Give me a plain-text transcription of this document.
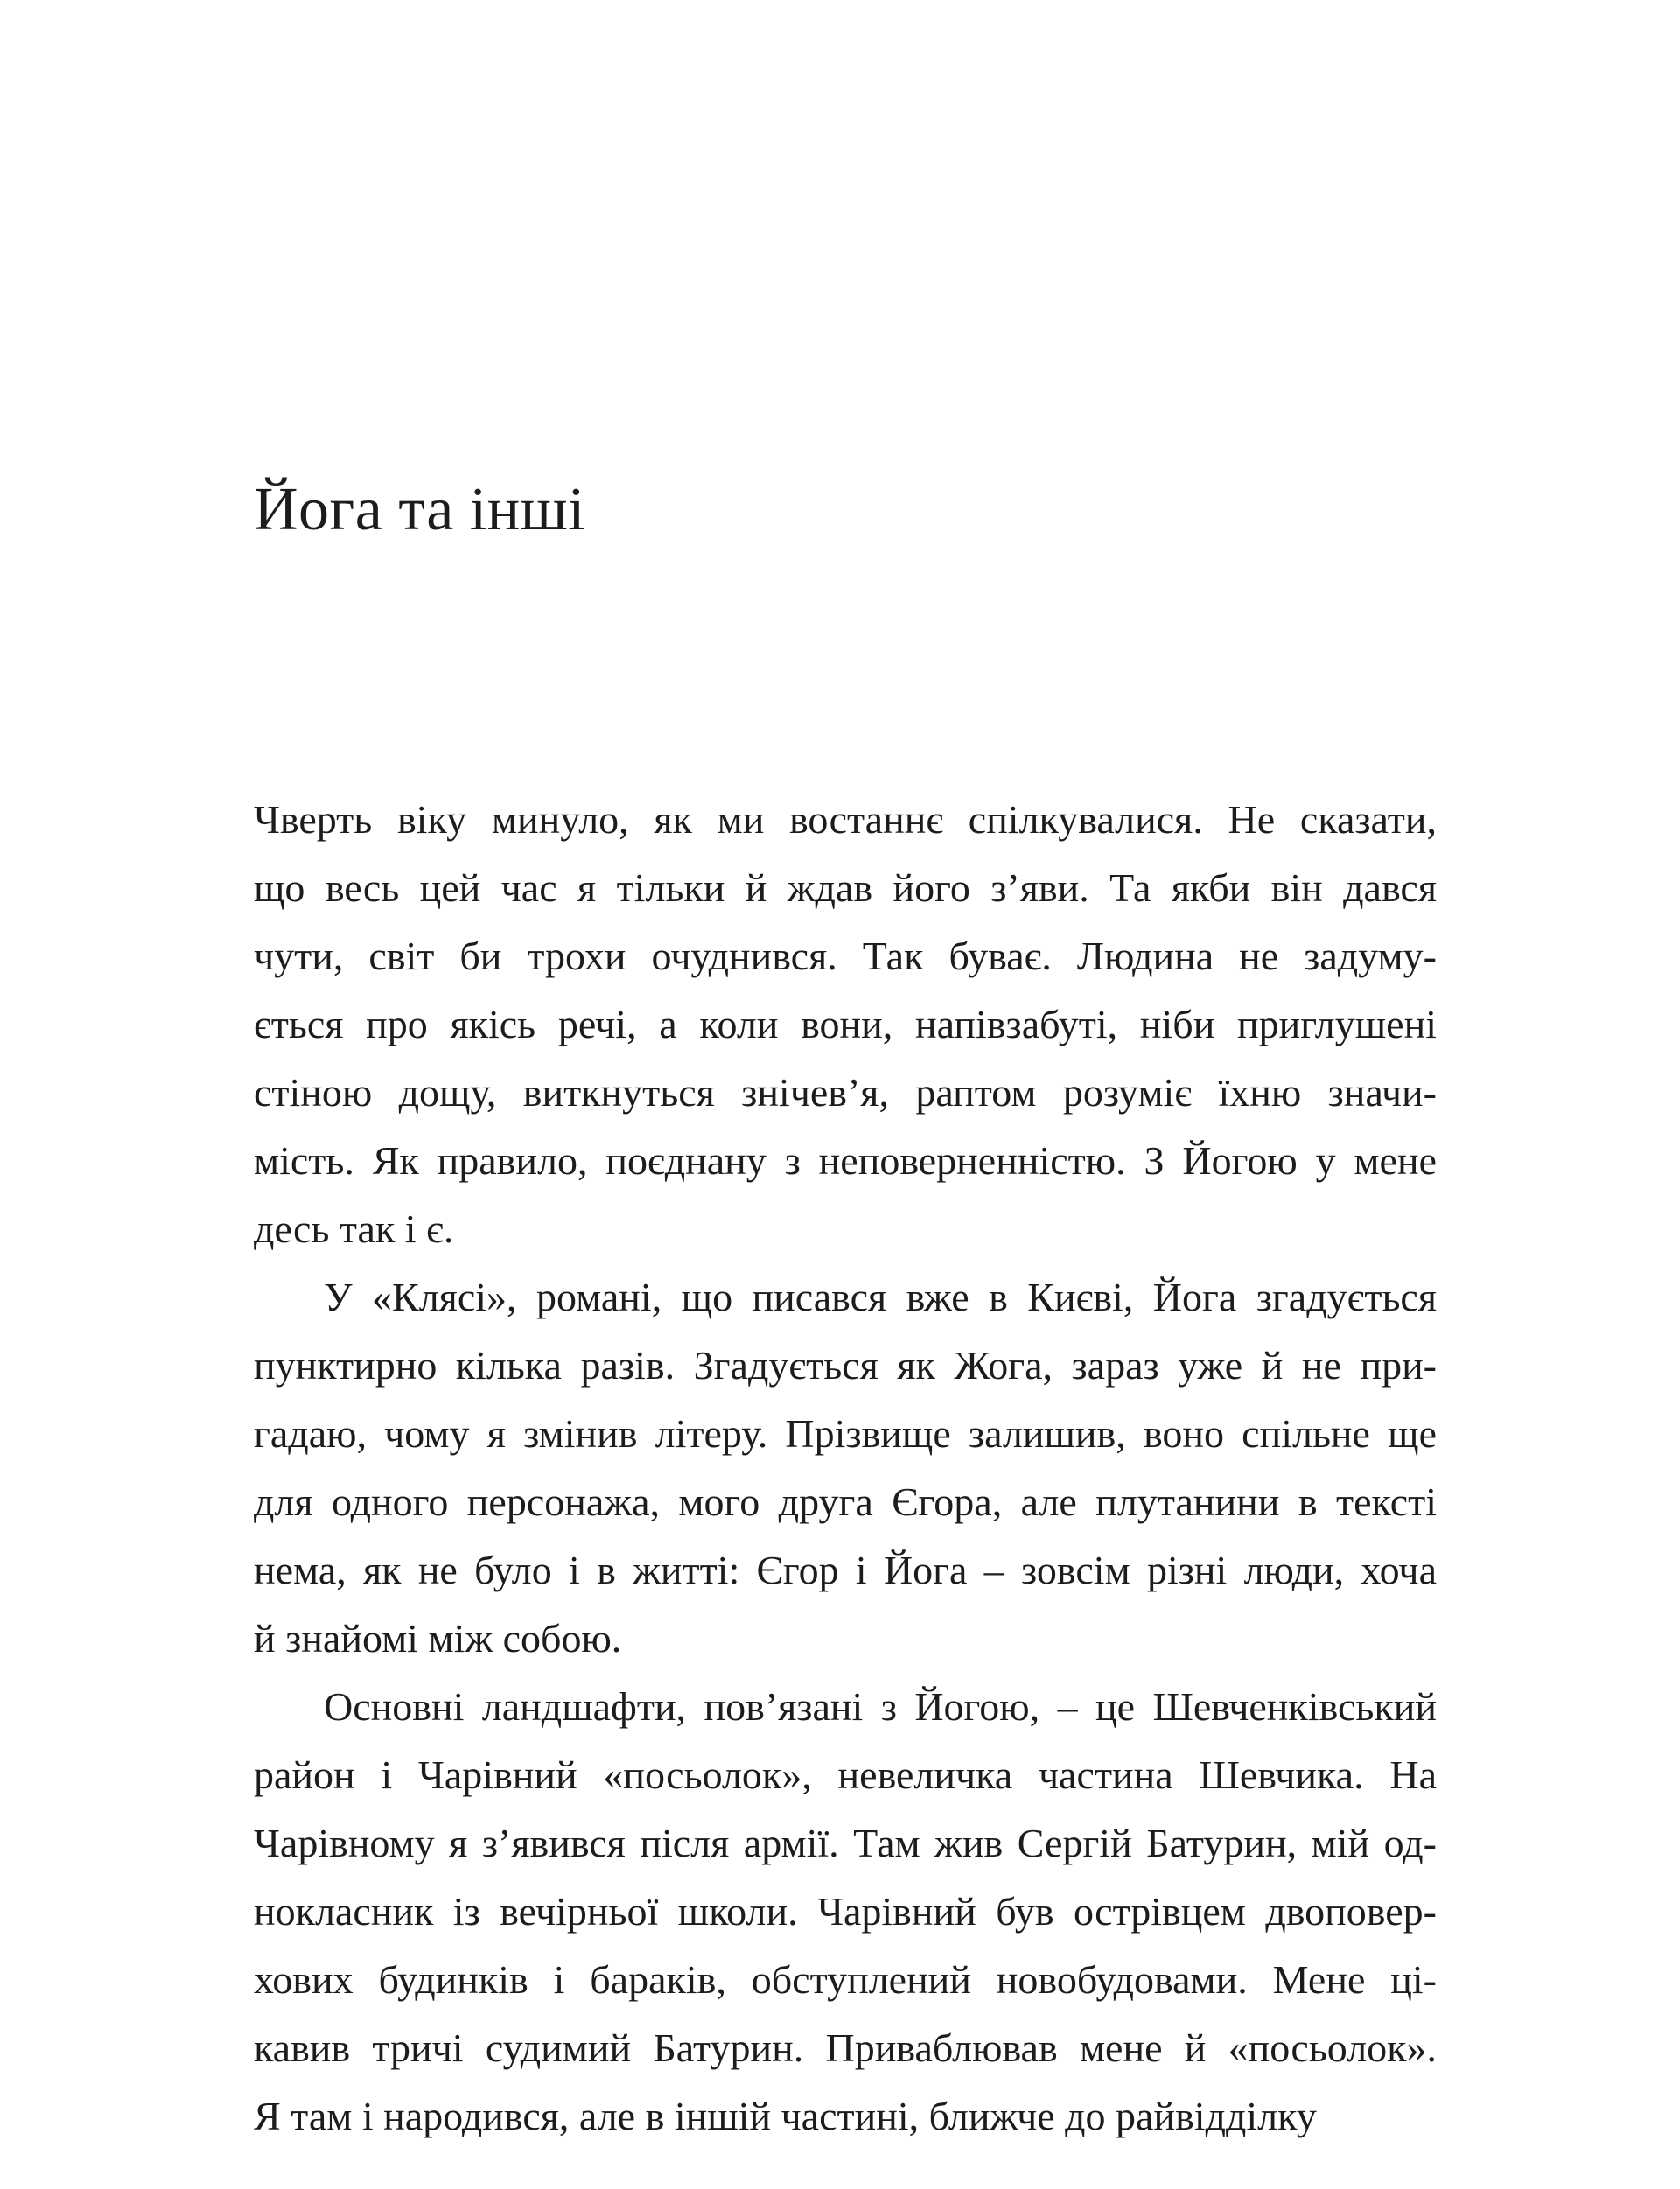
Йога та інші
Чверть віку минуло, як ми востаннє спілкувалися. Не сказати,
що весь цей час я тільки й ждав його з’яви. Та якби він дався
чути, світ би трохи очуднився. Так буває. Людина не задуму-
ється про якісь речі, а коли вони, напівзабуті, ніби приглушені
стіною дощу, виткнуться знічев’я, раптом розуміє їхню значи-
мість. Як правило, поєднану з неповерненністю. З Йогою у мене
десь так і є.
У «Клясі», романі, що писався вже в Києві, Йога згадується
пунктирно кілька разів. Згадується як Жога, зараз уже й не при-
гадаю, чому я змінив літеру. Прізвище залишив, воно спільне ще
для одного персонажа, мого друга Єгора, але плутанини в тексті
нема, як не було і в житті: Єгор і Йога – зовсім різні люди, хоча
й знайомі між собою.
Основні ландшафти, пов’язані з Йогою, – це Шевченківський
район і Чарівний «посьолок», невеличка частина Шевчика. На
Чарівному я з’явився після армії. Там жив Сергій Батурин, мій од-
нокласник із вечірньої школи. Чарівний був острівцем двоповер-
хових будинків і бараків, обступлений новобудовами. Мене ці-
кавив тричі судимий Батурин. Приваблював мене й «посьолок».
Я там і народився, але в іншій частині, ближче до райвідділку
